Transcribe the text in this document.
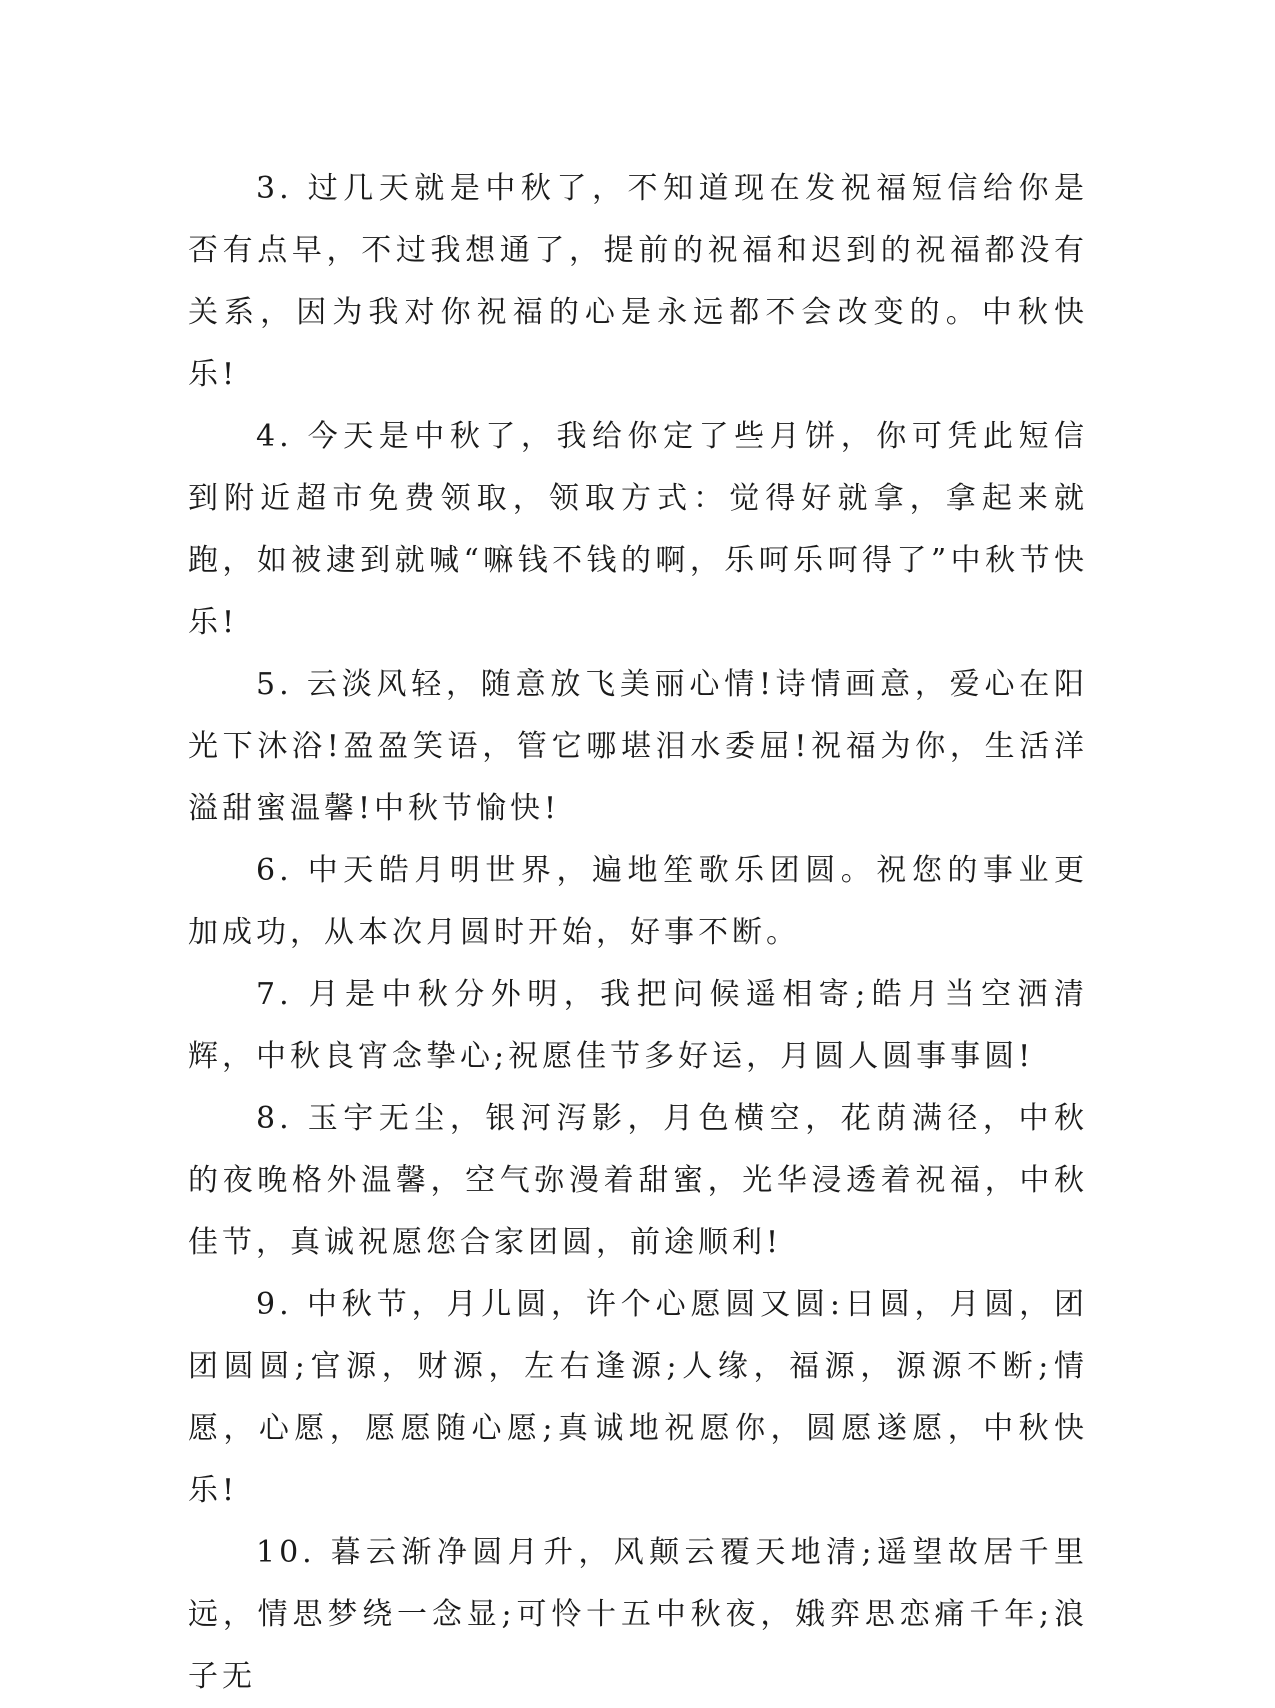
3. 过几天就是中秋了，不知道现在发祝福短信给你是否有点早，不过我想通了，提前的祝福和迟到的祝福都没有关系，因为我对你祝福的心是永远都不会改变的。中秋快乐!

4. 今天是中秋了，我给你定了些月饼，你可凭此短信到附近超市免费领取，领取方式：觉得好就拿，拿起来就跑，如被逮到就喊“嘛钱不钱的啊，乐呵乐呵得了”中秋节快乐!

5. 云淡风轻，随意放飞美丽心情!诗情画意，爱心在阳光下沐浴!盈盈笑语，管它哪堪泪水委屈!祝福为你，生活洋溢甜蜜温馨!中秋节愉快!

6. 中天皓月明世界，遍地笙歌乐团圆。祝您的事业更加成功，从本次月圆时开始，好事不断。

7. 月是中秋分外明，我把问候遥相寄;皓月当空洒清辉，中秋良宵念挚心;祝愿佳节多好运，月圆人圆事事圆!

8. 玉宇无尘，银河泻影，月色横空，花荫满径，中秋的夜晚格外温馨，空气弥漫着甜蜜，光华浸透着祝福，中秋佳节，真诚祝愿您合家团圆，前途顺利!

9. 中秋节，月儿圆，许个心愿圆又圆:日圆，月圆，团团圆圆;官源，财源，左右逢源;人缘，福源，源源不断;情愿，心愿，愿愿随心愿;真诚地祝愿你，圆愿遂愿，中秋快乐!

10. 暮云渐净圆月升，风颠云覆天地清;遥望故居千里远，情思梦绕一念显;可怜十五中秋夜，娥弈思恋痛千年;浪子无
